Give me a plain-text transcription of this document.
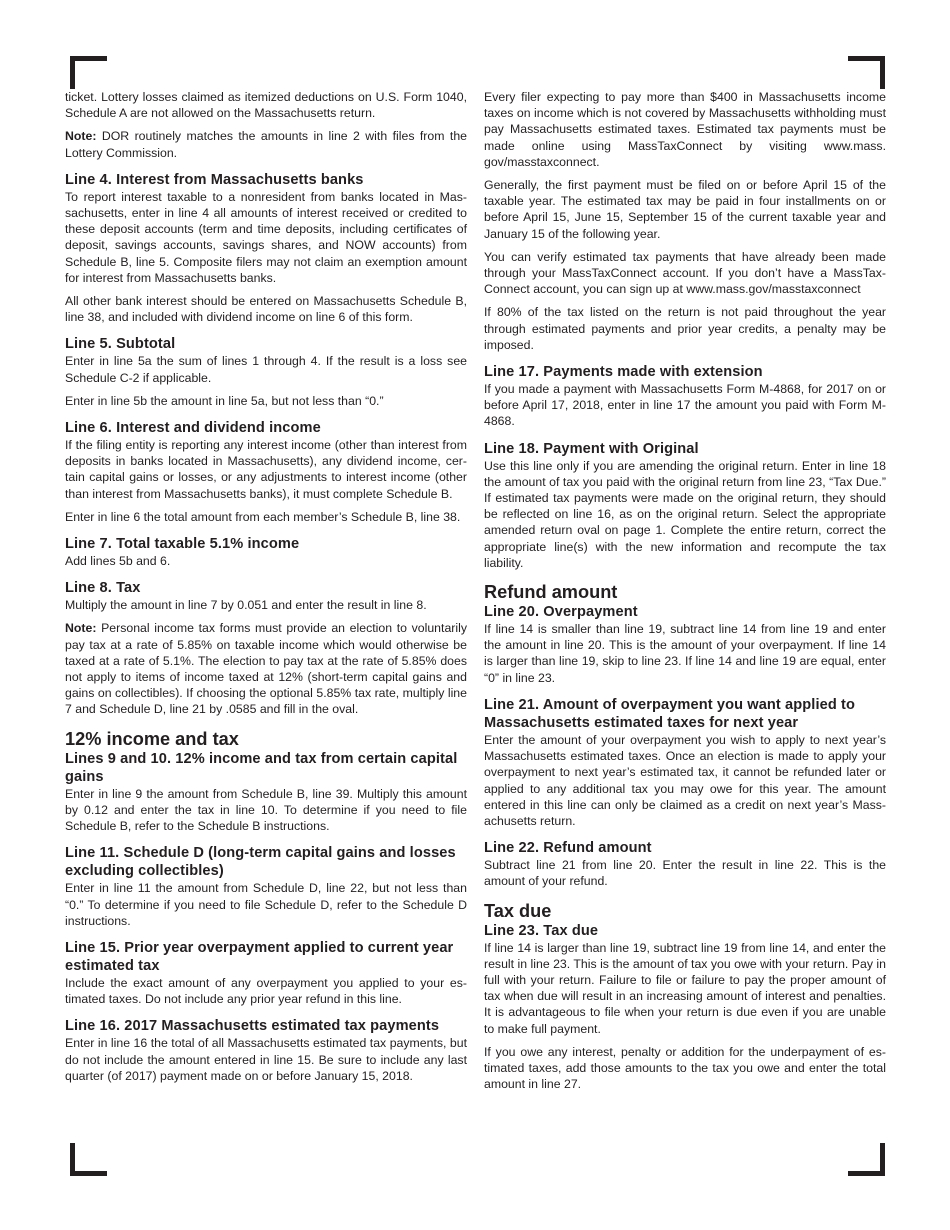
ticket. Lottery losses claimed as itemized deductions on U.S. Form 1040, Schedule A are not allowed on the Massachusetts return.

Note: DOR routinely matches the amounts in line 2 with files from the Lottery Commission.

Line 4. Interest from Massachusetts banks

To report interest taxable to a nonresident from banks located in Massachusetts, enter in line 4 all amounts of interest received or credited to these deposit accounts (term and time deposits, including certificates of deposit, savings accounts, savings shares, and NOW accounts) from Schedule B, line 5. Composite filers may not claim an exemption amount for interest from Massachusetts banks.

All other bank interest should be entered on Massachusetts Schedule B, line 38, and included with dividend income on line 6 of this form.

Line 5. Subtotal

Enter in line 5a the sum of lines 1 through 4. If the result is a loss see Schedule C-2 if applicable.

Enter in line 5b the amount in line 5a, but not less than “0.”

Line 6. Interest and dividend income

If the filing entity is reporting any interest income (other than interest from deposits in banks located in Massachusetts), any dividend income, certain capital gains or losses, or any adjustments to interest income (other than interest from Massachusetts banks), it must complete Schedule B.

Enter in line 6 the total amount from each member’s Schedule B, line 38.

Line 7. Total taxable 5.1% income

Add lines 5b and 6.

Line 8. Tax

Multiply the amount in line 7 by 0.051 and enter the result in line 8.

Note: Personal income tax forms must provide an election to voluntarily pay tax at a rate of 5.85% on taxable income which would otherwise be taxed at a rate of 5.1%. The election to pay tax at the rate of 5.85% does not apply to items of income taxed at 12% (short-term capital gains and gains on collectibles). If choosing the optional 5.85% tax rate, multiply line 7 and Schedule D, line 21 by .0585 and fill in the oval.

12% income and tax
Lines 9 and 10. 12% income and tax from certain capital gains

Enter in line 9 the amount from Schedule B, line 39. Multiply this amount by 0.12 and enter the tax in line 10. To determine if you need to file Schedule B, refer to the Schedule B instructions.

Line 11. Schedule D (long-term capital gains and losses excluding collectibles)

Enter in line 11 the amount from Schedule D, line 22, but not less than “0.” To determine if you need to file Schedule D, refer to the Schedule D instructions.

Line 15. Prior year overpayment applied to current year estimated tax

Include the exact amount of any overpayment you applied to your estimated taxes. Do not include any prior year refund in this line.

Line 16. 2017 Massachusetts estimated tax payments

Enter in line 16 the total of all Massachusetts estimated tax payments, but do not include the amount entered in line 15. Be sure to include any last quarter (of 2017) payment made on or before January 15, 2018.

Every filer expecting to pay more than $400 in Massachusetts income taxes on income which is not covered by Massachusetts withholding must pay Massachusetts estimated taxes. Estimated tax payments must be made online using MassTaxConnect by visiting www.mass. gov/masstaxconnect.

Generally, the first payment must be filed on or before April 15 of the taxable year. The estimated tax may be paid in four installments on or before April 15, June 15, September 15 of the current taxable year and January 15 of the following year.

You can verify estimated tax payments that have already been made through your MassTaxConnect account. If you don’t have a MassTaxConnect account, you can sign up at www.mass.gov/masstaxconnect

If 80% of the tax listed on the return is not paid throughout the year through estimated payments and prior year credits, a penalty may be imposed.

Line 17. Payments made with extension

If you made a payment with Massachusetts Form M-4868, for 2017 on or before April 17, 2018, enter in line 17 the amount you paid with Form M-4868.

Line 18. Payment with Original

Use this line only if you are amending the original return. Enter in line 18 the amount of tax you paid with the original return from line 23, “Tax Due.” If estimated tax payments were made on the original return, they should be reflected on line 16, as on the original return. Select the appropriate amended return oval on page 1. Complete the entire return, correct the appropriate line(s) with the new information and recompute the tax liability.

Refund amount
Line 20. Overpayment

If line 14 is smaller than line 19, subtract line 14 from line 19 and enter the amount in line 20. This is the amount of your overpayment. If line 14 is larger than line 19, skip to line 23. If line 14 and line 19 are equal, enter “0” in line 23.

Line 21. Amount of overpayment you want applied to Massachusetts estimated taxes for next year

Enter the amount of your overpayment you wish to apply to next year’s Massachusetts estimated taxes. Once an election is made to apply your overpayment to next year’s estimated tax, it cannot be refunded later or applied to any additional tax you may owe for this year. The amount entered in this line can only be claimed as a credit on next year’s Massachusetts return.

Line 22. Refund amount

Subtract line 21 from line 20. Enter the result in line 22. This is the amount of your refund.

Tax due
Line 23. Tax due

If line 14 is larger than line 19, subtract line 19 from line 14, and enter the result in line 23. This is the amount of tax you owe with your return. Pay in full with your return. Failure to file or failure to pay the proper amount of tax when due will result in an increasing amount of interest and penalties. It is advantageous to file when your return is due even if you are unable to make full payment.

If you owe any interest, penalty or addition for the underpayment of estimated taxes, add those amounts to the tax you owe and enter the total amount in line 27.
